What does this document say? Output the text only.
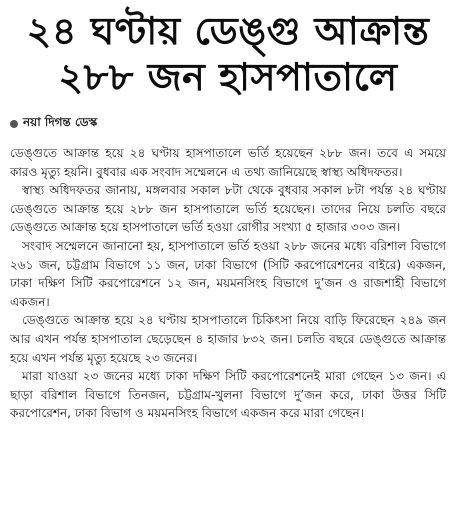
২৪ ঘণ্টায় ডেঙ্গু আক্রান্ত
২৮৮ জন হাসপাতালে
নয়া দিগন্ত ডেস্ক

ডেঙ্গুতে আক্রান্ত হয়ে ২৪ ঘণ্টায় হাসপাতালে ভর্তি হয়েছেন ২৮৮ জন। তবে এ সময়ে কারও মৃত্যু হয়নি। বুধবার এক সংবাদ সম্মেলনে এ তথ্য জানিয়েছে স্বাস্থ্য অধিদফতর।

স্বাস্থ্য অধিদফতর জানায়, মঙ্গলবার সকাল ৮টা থেকে বুধবার সকাল ৮টা পর্যন্ত ২৪ ঘণ্টায় ডেঙ্গুতে আক্রান্ত হয়ে ২৮৮ জন হাসপাতালে ভর্তি হয়েছেন। তাদের নিয়ে চলতি বছরে ডেঙ্গুতে আক্রান্ত হয়ে হাসপাতালে ভর্তি হওয়া রোগীর সংখ্যা ৫ হাজার ৩০৩ জন।

সংবাদ সম্মেলনে জানানো হয়, হাসপাতালে ভর্তি হওয়া ২৮৮ জনের মধ্যে বরিশাল বিভাগে ২৬১ জন, চট্টগ্রাম বিভাগে ১১ জন, ঢাকা বিভাগে (সিটি করপোরেশনের বাইরে) একজন, ঢাকা দক্ষিণ সিটি করপোরেশনে ১২ জন, ময়মনসিংহ বিভাগে দু’জন ও রাজশাহী বিভাগে একজন।

ডেঙ্গুতে আক্রান্ত হয়ে ২৪ ঘণ্টায় হাসপাতালে চিকিৎসা নিয়ে বাড়ি ফিরেছেন ২৪৯ জন আর এখন পর্যন্ত হাসপাতাল ছেড়েছেন ৪ হাজার ৮৩২ জন। চলতি বছরে ডেঙ্গুতে আক্রান্ত হয়ে এখন পর্যন্ত মৃত্যু হয়েছে ২৩ জনের।

মারা যাওয়া ২৩ জনের মধ্যে ঢাকা দক্ষিণ সিটি করপোরেশনেই মারা গেছেন ১৩ জন। এ ছাড়া বরিশাল বিভাগে তিনজন, চট্টগ্রাম-খুলনা বিভাগে দু’জন করে, ঢাকা উত্তর সিটি করপোরেশন, ঢাকা বিভাগ ও ময়মনসিংহ বিভাগে একজন করে মারা গেছেন।
